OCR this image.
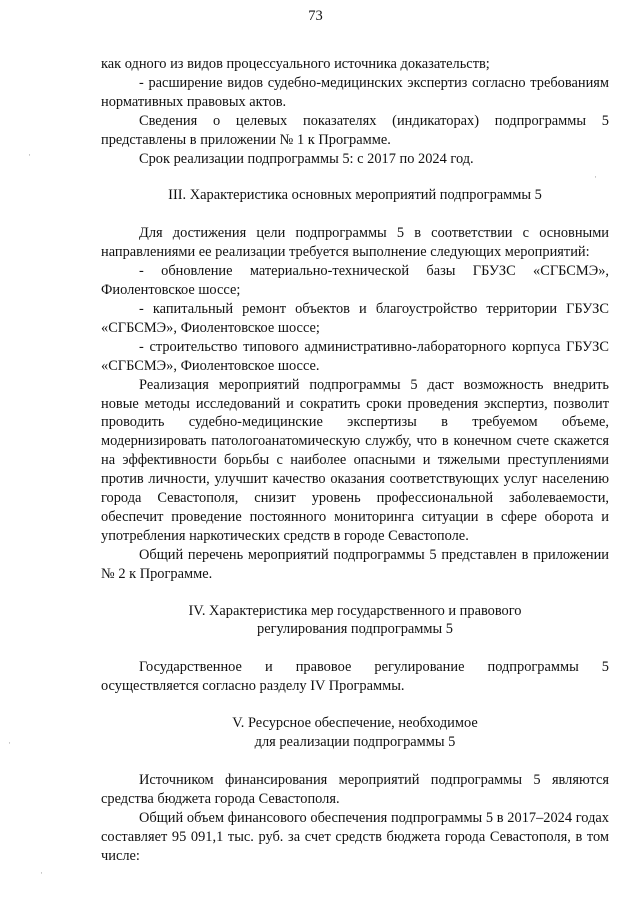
73

как одного из видов процессуального источника доказательств;

- расширение видов судебно-медицинских экспертиз согласно требованиям нормативных правовых актов.

Сведения о целевых показателях (индикаторах) подпрограммы 5 представлены в приложении № 1 к Программе.

Срок реализации подпрограммы 5: с 2017 по 2024 год.

III. Характеристика основных мероприятий подпрограммы 5

Для достижения цели подпрограммы 5 в соответствии с основными направлениями ее реализации требуется выполнение следующих мероприятий:

- обновление материально-технической базы ГБУЗС «СГБСМЭ», Фиолентовское шоссе;

- капитальный ремонт объектов и благоустройство территории ГБУЗС «СГБСМЭ», Фиолентовское шоссе;

- строительство типового административно-лабораторного корпуса ГБУЗС «СГБСМЭ», Фиолентовское шоссе.

Реализация мероприятий подпрограммы 5 даст возможность внедрить новые методы исследований и сократить сроки проведения экспертиз, позволит проводить судебно-медицинские экспертизы в требуемом объеме, модернизировать патологоанатомическую службу, что в конечном счете скажется на эффективности борьбы с наиболее опасными и тяжелыми преступлениями против личности, улучшит качество оказания соответствующих услуг населению города Севастополя, снизит уровень профессиональной заболеваемости, обеспечит проведение постоянного мониторинга ситуации в сфере оборота и употребления наркотических средств в городе Севастополе.

Общий перечень мероприятий подпрограммы 5 представлен в приложении № 2 к Программе.

IV. Характеристика мер государственного и правового

регулирования подпрограммы 5

Государственное и правовое регулирование подпрограммы 5 осуществляется согласно разделу IV Программы.

V. Ресурсное обеспечение, необходимое

для реализации подпрограммы 5

Источником финансирования мероприятий подпрограммы 5 являются средства бюджета города Севастополя.

Общий объем финансового обеспечения подпрограммы 5 в 2017–2024 годах составляет 95 091,1 тыс. руб. за счет средств бюджета города Севастополя, в том числе:

·
·
·
·
